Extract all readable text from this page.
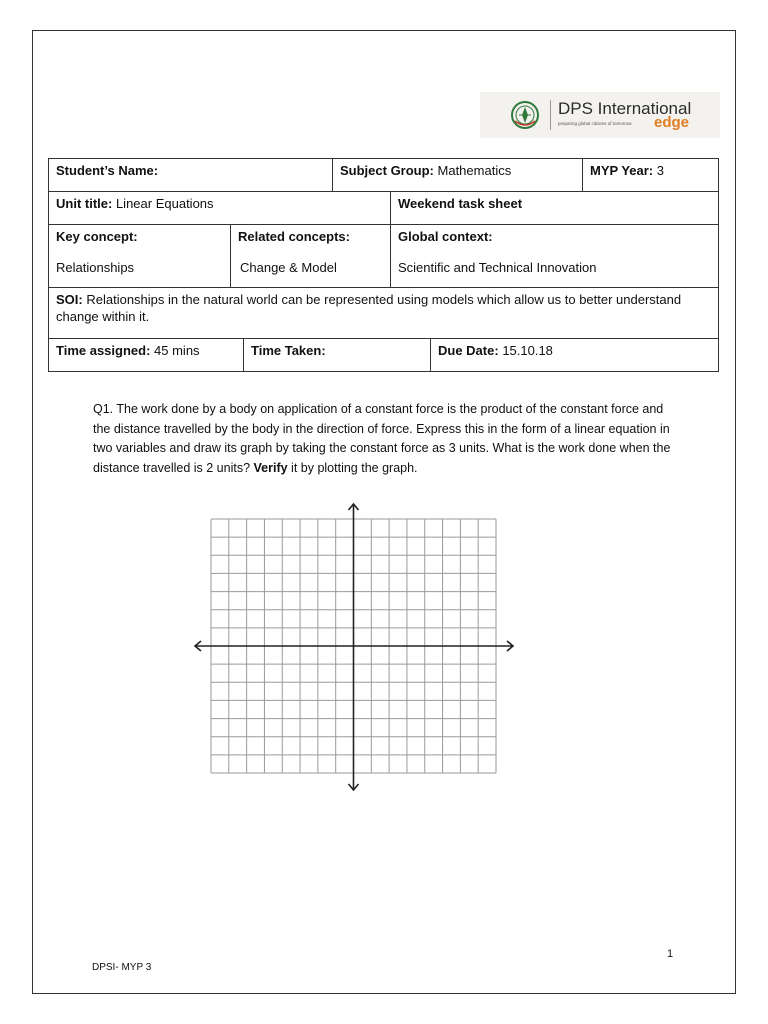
DPS International
preparing global citizens of tomorrow edge
Student’s Name:	Subject Group: Mathematics	MYP Year: 3
Unit title: Linear Equations	Weekend task sheet
Key concept:
Relationships
Related concepts:
Change & Model
Global context:
Scientific and Technical Innovation
SOI: Relationships in the natural world can be represented using models which allow us to better understand change within it.
Time assigned: 45 mins	Time Taken:	Due Date: 15.10.18
Q1. The work done by a body on application of a constant force is the product of the constant force and the distance travelled by the body in the direction of force. Express this in the form of a linear equation in two variables and draw its graph by taking the constant force as 3 units. What is the work done when the distance travelled is 2 units? Verify it by plotting the graph.
DPSI- MYP 3
1
